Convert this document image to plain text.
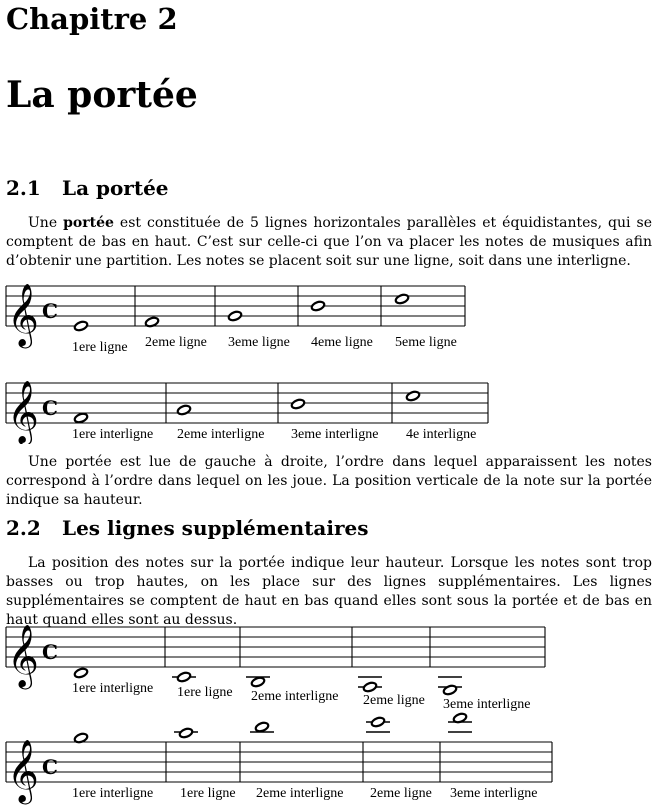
Chapitre 2
La portée
2.1 La portée
Une portée est constituée de 5 lignes horizontales parallèles et équidistantes, qui se comptent de bas en haut. C’est sur celle-ci que l’on va placer les notes de musiques afin d’obtenir une partition. Les notes se placent soit sur une ligne, soit dans une interligne.
𝄞 C
1ere ligne 2eme ligne 3eme ligne 4eme ligne 5eme ligne
𝄞 C
1ere interligne 2eme interligne 3eme interligne 4e interligne
Une portée est lue de gauche à droite, l’ordre dans lequel apparaissent les notes correspond à l’ordre dans lequel on les joue. La position verticale de la note sur la portée indique sa hauteur.
2.2 Les lignes supplémentaires
La position des notes sur la portée indique leur hauteur. Lorsque les notes sont trop basses ou trop hautes, on les place sur des lignes supplémentaires. Les lignes supplémentaires se comptent de haut en bas quand elles sont sous la portée et de bas en haut quand elles sont au dessus.
𝄞 C
1ere interligne 1ere ligne 2eme interligne 2eme ligne 3eme interligne
𝄞 C
1ere interligne 1ere ligne 2eme interligne 2eme ligne 3eme interligne
